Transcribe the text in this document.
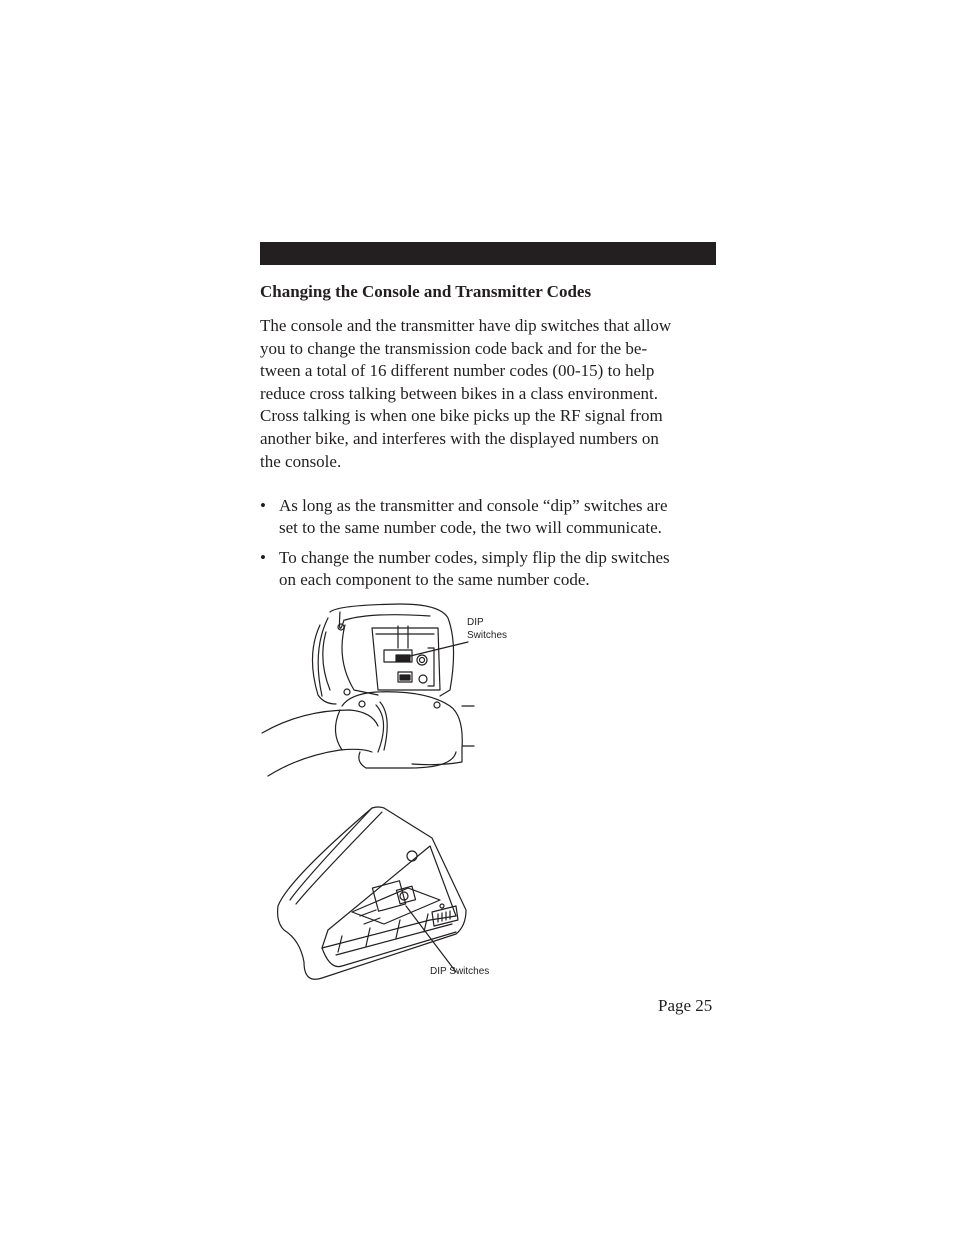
Changing the Console and Transmitter Codes

The console and the transmitter have dip switches that allow
you to change the transmission code back and for the be-
tween a total of 16 different number codes (00-15) to help
reduce cross talking between bikes in a class environment.
Cross talking is when one bike picks up the RF signal from
another bike, and interferes with the displayed numbers on
the console.

• As long as the transmitter and console “dip” switches are
set to the same number code, the two will communicate.
• To change the number codes, simply flip the dip switches
on each component to the same number code.
DIP
Switches
DIP Switches
Page 25
